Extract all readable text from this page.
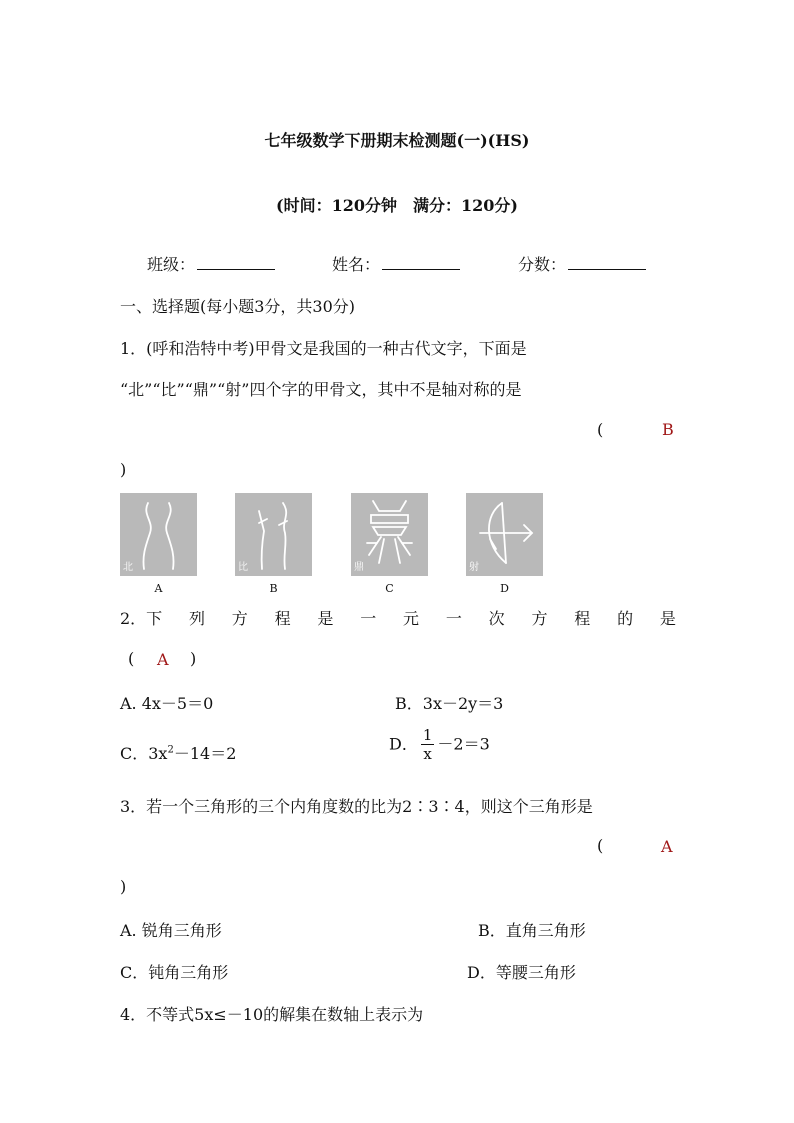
七年级数学下册期末检测题(一)(HS)
(时间：120分钟　满分：120分)
班级：	姓名：	分数：
一、选择题(每小题3分，共30分)
1．(呼和浩特中考)甲骨文是我国的一种古代文字，下面是
“北”“比”“鼎”“射”四个字的甲骨文，其中不是轴对称的是
(	B
)
北	比	鼎	射
A	B	C	D
2．下 列 方 程 是 一 元 一 次 方 程 的 是
( A )
A. 4x－5＝0	B．3x－2y＝3
C．$3x^2-14=2$	D． $\frac{1}{x} -2=3$
3．若一个三角形的三个内角度数的比为2∶3∶4，则这个三角形是
(	A
)
A. 锐角三角形	B．直角三角形
C．钝角三角形	D．等腰三角形
4．不等式5x≤－10的解集在数轴上表示为
